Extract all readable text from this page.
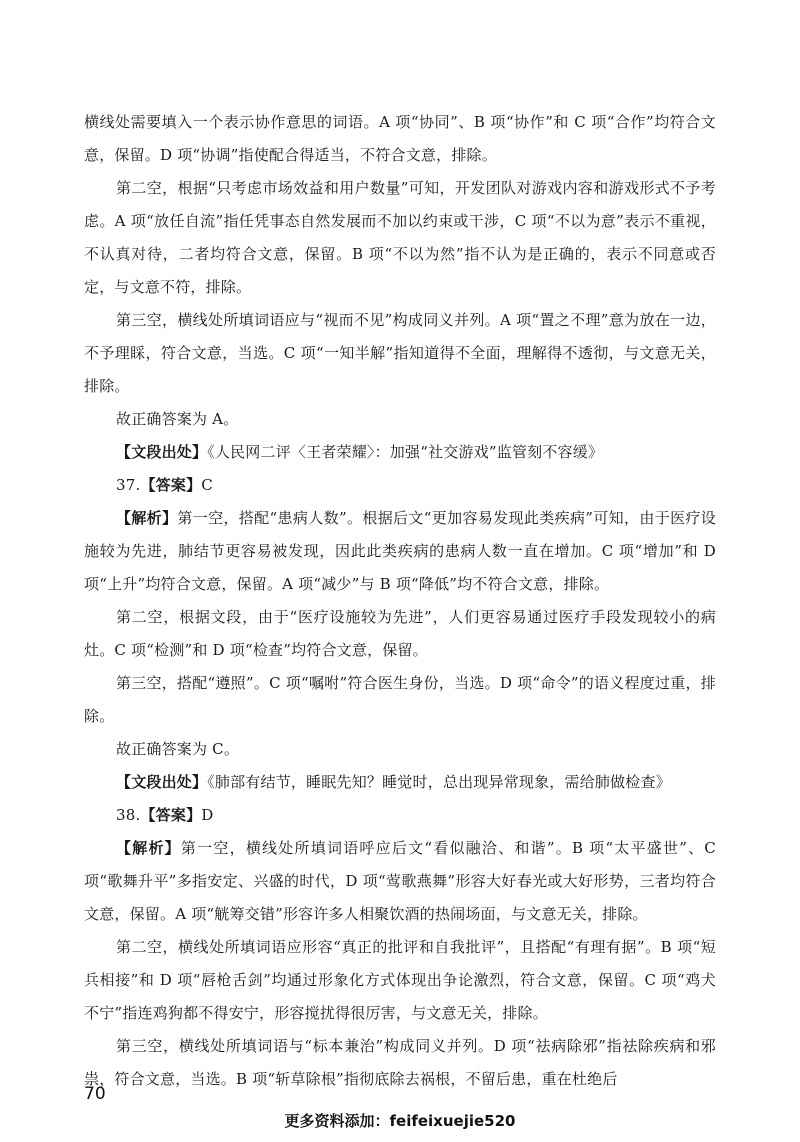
横线处需要填入一个表示协作意思的词语。A 项“协同”、B 项“协作”和 C 项“合作”均符合文意，保留。D 项“协调”指使配合得适当，不符合文意，排除。

第二空，根据“只考虑市场效益和用户数量”可知，开发团队对游戏内容和游戏形式不予考虑。A 项“放任自流”指任凭事态自然发展而不加以约束或干涉，C 项“不以为意”表示不重视，不认真对待，二者均符合文意，保留。B 项“不以为然”指不认为是正确的，表示不同意或否定，与文意不符，排除。

第三空，横线处所填词语应与“视而不见”构成同义并列。A 项“置之不理”意为放在一边，不予理睬，符合文意，当选。C 项“一知半解”指知道得不全面，理解得不透彻，与文意无关，排除。

故正确答案为 A。

【文段出处】《人民网二评〈王者荣耀〉：加强“社交游戏”监管刻不容缓》

37.【答案】C

【解析】第一空，搭配“患病人数”。根据后文“更加容易发现此类疾病”可知，由于医疗设施较为先进，肺结节更容易被发现，因此此类疾病的患病人数一直在增加。C 项“增加”和 D 项“上升”均符合文意，保留。A 项“减少”与 B 项“降低”均不符合文意，排除。

第二空，根据文段，由于“医疗设施较为先进”，人们更容易通过医疗手段发现较小的病灶。C 项“检测”和 D 项“检查”均符合文意，保留。

第三空，搭配“遵照”。C 项“嘱咐”符合医生身份，当选。D 项“命令”的语义程度过重，排除。

故正确答案为 C。

【文段出处】《肺部有结节，睡眠先知？睡觉时，总出现异常现象，需给肺做检查》

38.【答案】D

【解析】第一空，横线处所填词语呼应后文“看似融洽、和谐”。B 项“太平盛世”、C 项“歌舞升平”多指安定、兴盛的时代，D 项“莺歌燕舞”形容大好春光或大好形势，三者均符合文意，保留。A 项“觥筹交错”形容许多人相聚饮酒的热闹场面，与文意无关，排除。

第二空，横线处所填词语应形容“真正的批评和自我批评”，且搭配“有理有据”。B 项“短兵相接”和 D 项“唇枪舌剑”均通过形象化方式体现出争论激烈，符合文意，保留。C 项“鸡犬不宁”指连鸡狗都不得安宁，形容搅扰得很厉害，与文意无关，排除。

第三空，横线处所填词语与“标本兼治”构成同义并列。D 项“祛病除邪”指祛除疾病和邪祟，符合文意，当选。B 项“斩草除根”指彻底除去祸根，不留后患，重在杜绝后

70
更多资料添加：feifeixuejie520
